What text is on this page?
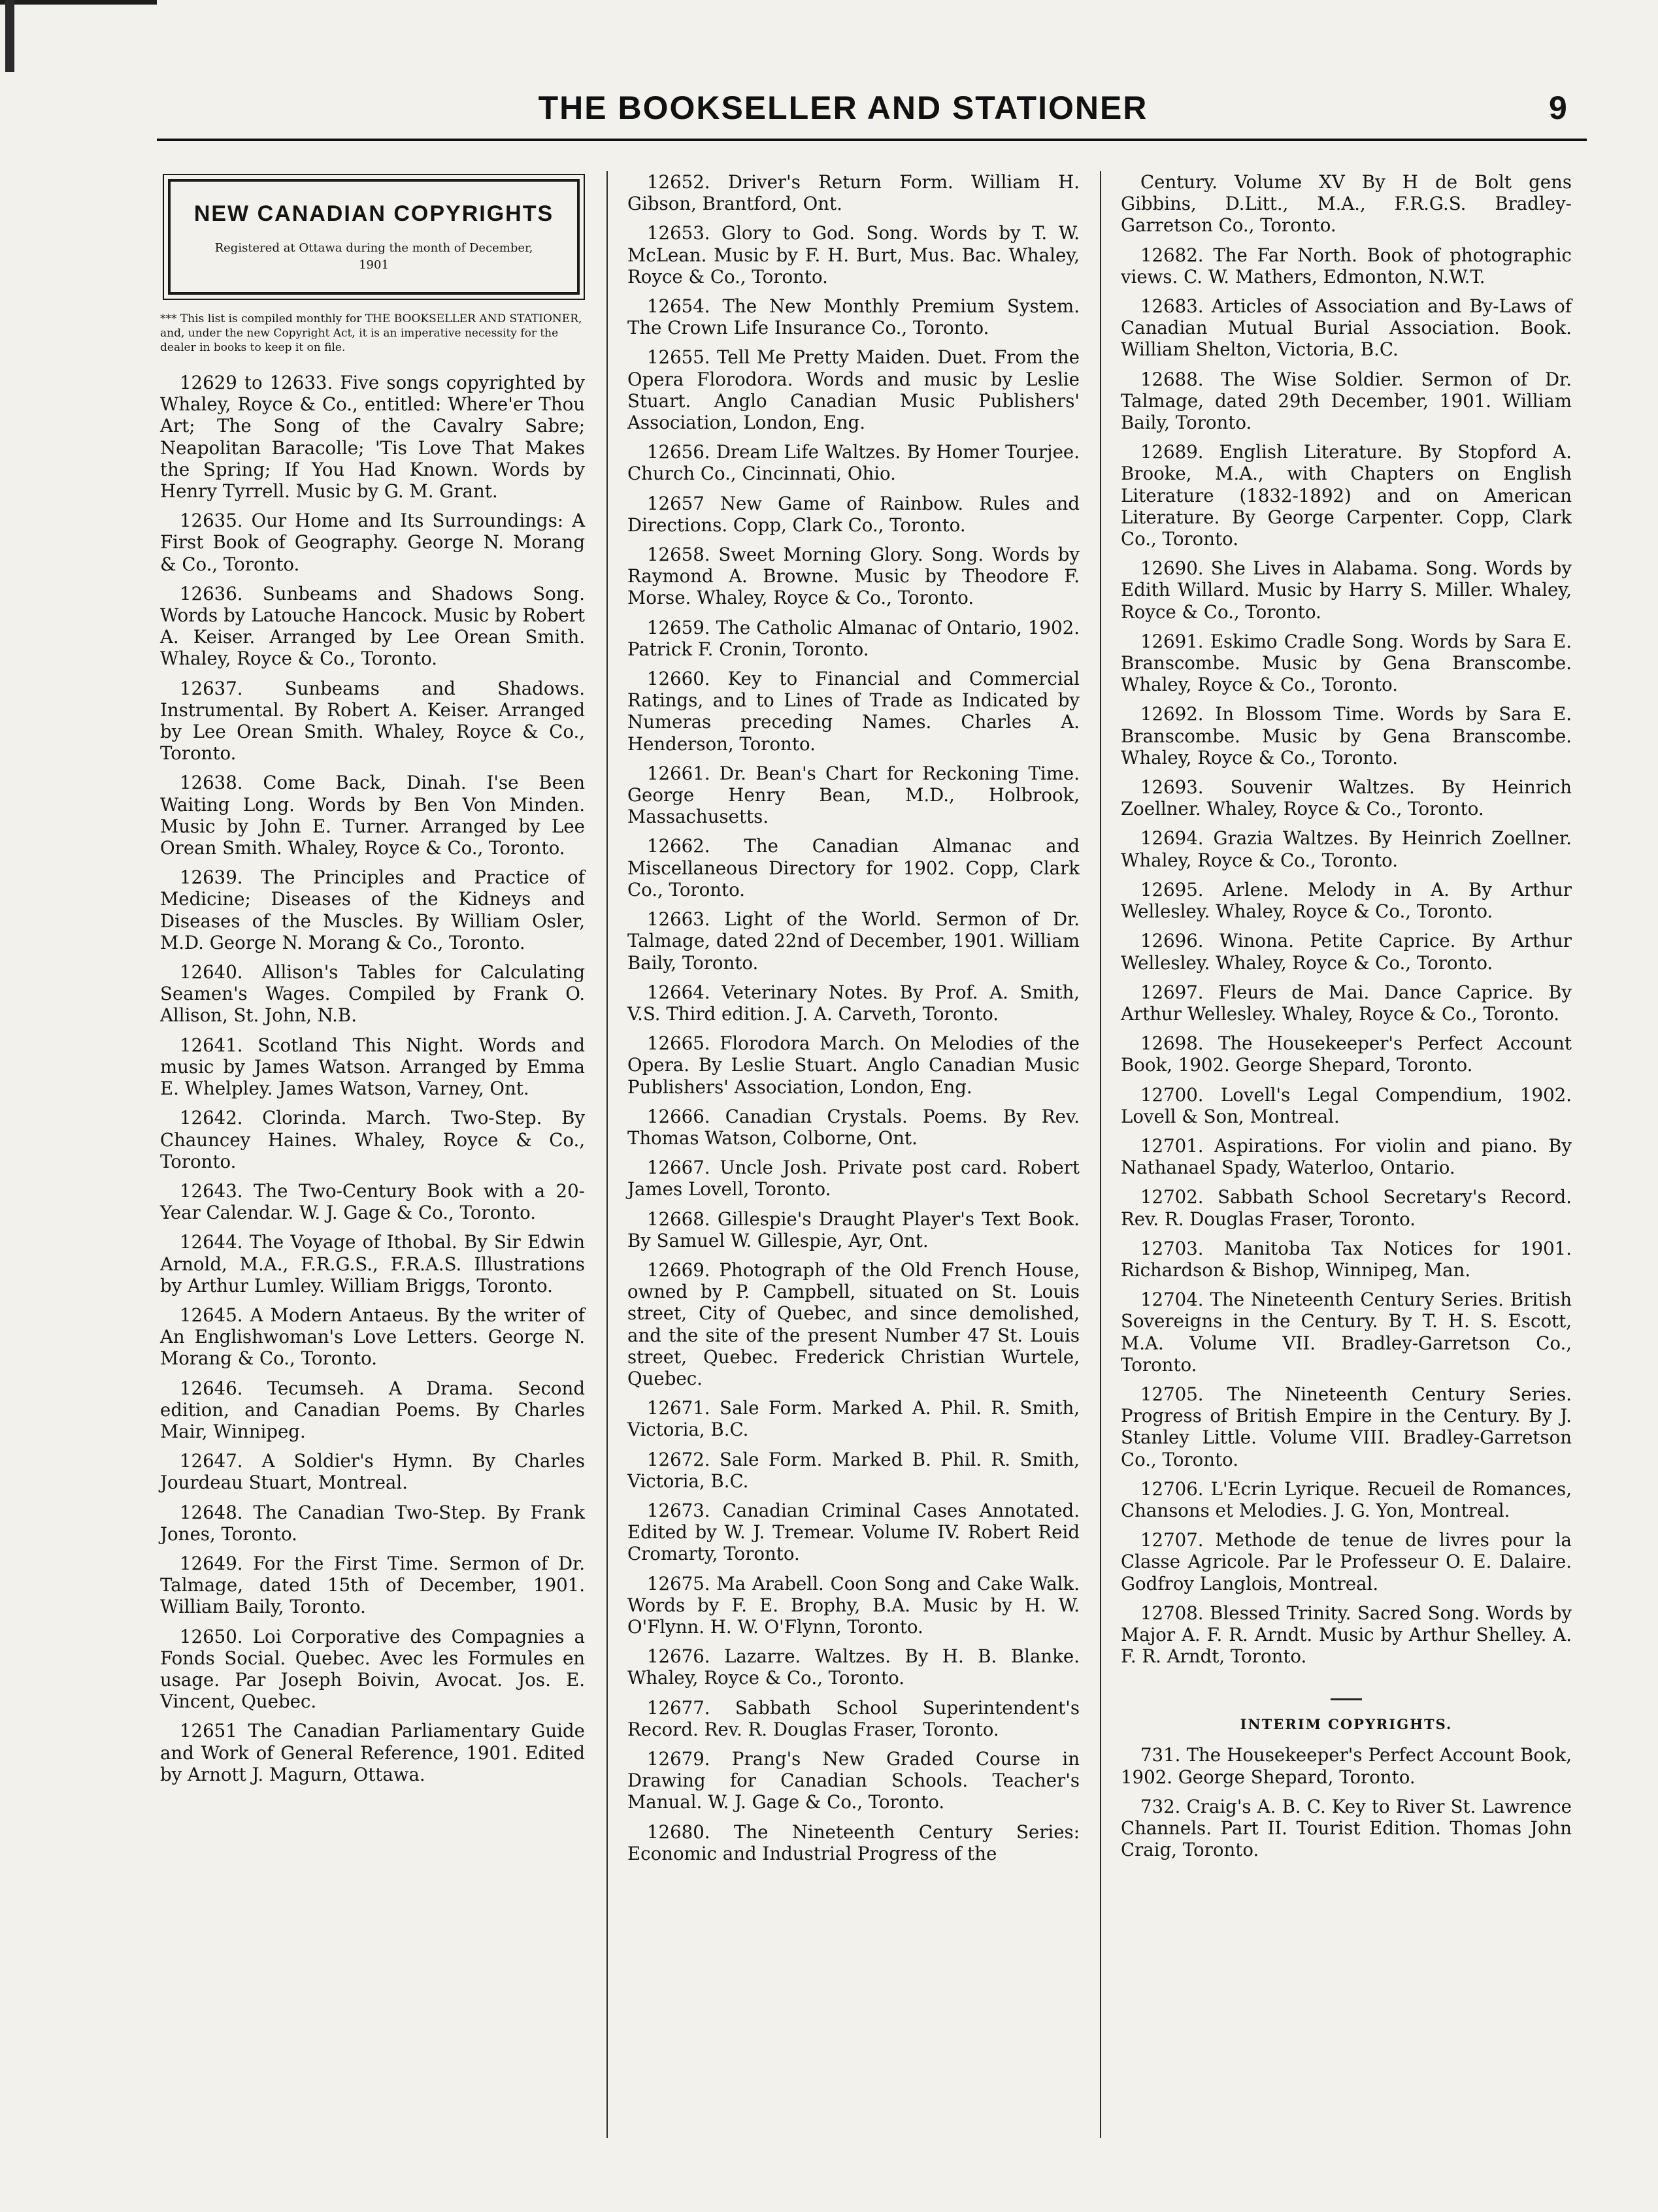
THE BOOKSELLER AND STATIONER	9
NEW CANADIAN COPYRIGHTS
Registered at Ottawa during the month of December, 1901
*** This list is compiled monthly for THE BOOKSELLER AND STATIONER, and, under the new Copyright Act, it is an imperative necessity for the dealer in books to keep it on file.

12629 to 12633. Five songs copyrighted by Whaley, Royce & Co., entitled: Where'er Thou Art; The Song of the Cavalry Sabre; Neapolitan Baracolle; 'Tis Love That Makes the Spring; If You Had Known. Words by Henry Tyrrell. Music by G. M. Grant.

12635. Our Home and Its Surroundings: A First Book of Geography. George N. Morang & Co., Toronto.

12636. Sunbeams and Shadows Song. Words by Latouche Hancock. Music by Robert A. Keiser. Arranged by Lee Orean Smith. Whaley, Royce & Co., Toronto.

12637. Sunbeams and Shadows. Instrumental. By Robert A. Keiser. Arranged by Lee Orean Smith. Whaley, Royce & Co., Toronto.

12638. Come Back, Dinah. I'se Been Waiting Long. Words by Ben Von Minden. Music by John E. Turner. Arranged by Lee Orean Smith. Whaley, Royce & Co., Toronto.

12639. The Principles and Practice of Medicine; Diseases of the Kidneys and Diseases of the Muscles. By William Osler, M.D. George N. Morang & Co., Toronto.

12640. Allison's Tables for Calculating Seamen's Wages. Compiled by Frank O. Allison, St. John, N.B.

12641. Scotland This Night. Words and music by James Watson. Arranged by Emma E. Whelpley. James Watson, Varney, Ont.

12642. Clorinda. March. Two-Step. By Chauncey Haines. Whaley, Royce & Co., Toronto.

12643. The Two-Century Book with a 20-Year Calendar. W. J. Gage & Co., Toronto.

12644. The Voyage of Ithobal. By Sir Edwin Arnold, M.A., F.R.G.S., F.R.A.S. Illustrations by Arthur Lumley. William Briggs, Toronto.

12645. A Modern Antaeus. By the writer of An Englishwoman's Love Letters. George N. Morang & Co., Toronto.

12646. Tecumseh. A Drama. Second edition, and Canadian Poems. By Charles Mair, Winnipeg.

12647. A Soldier's Hymn. By Charles Jourdeau Stuart, Montreal.

12648. The Canadian Two-Step. By Frank Jones, Toronto.

12649. For the First Time. Sermon of Dr. Talmage, dated 15th of December, 1901. William Baily, Toronto.

12650. Loi Corporative des Compagnies a Fonds Social. Quebec. Avec les Formules en usage. Par Joseph Boivin, Avocat. Jos. E. Vincent, Quebec.

12651 The Canadian Parliamentary Guide and Work of General Reference, 1901. Edited by Arnott J. Magurn, Ottawa.

12652. Driver's Return Form. William H. Gibson, Brantford, Ont.

12653. Glory to God. Song. Words by T. W. McLean. Music by F. H. Burt, Mus. Bac. Whaley, Royce & Co., Toronto.

12654. The New Monthly Premium System. The Crown Life Insurance Co., Toronto.

12655. Tell Me Pretty Maiden. Duet. From the Opera Florodora. Words and music by Leslie Stuart. Anglo Canadian Music Publishers' Association, London, Eng.

12656. Dream Life Waltzes. By Homer Tourjee. Church Co., Cincinnati, Ohio.

12657 New Game of Rainbow. Rules and Directions. Copp, Clark Co., Toronto.

12658. Sweet Morning Glory. Song. Words by Raymond A. Browne. Music by Theodore F. Morse. Whaley, Royce & Co., Toronto.

12659. The Catholic Almanac of Ontario, 1902. Patrick F. Cronin, Toronto.

12660. Key to Financial and Commercial Ratings, and to Lines of Trade as Indicated by Numeras preceding Names. Charles A. Henderson, Toronto.

12661. Dr. Bean's Chart for Reckoning Time. George Henry Bean, M.D., Holbrook, Massachusetts.

12662. The Canadian Almanac and Miscellaneous Directory for 1902. Copp, Clark Co., Toronto.

12663. Light of the World. Sermon of Dr. Talmage, dated 22nd of December, 1901. William Baily, Toronto.

12664. Veterinary Notes. By Prof. A. Smith, V.S. Third edition. J. A. Carveth, Toronto.

12665. Florodora March. On Melodies of the Opera. By Leslie Stuart. Anglo Canadian Music Publishers' Association, London, Eng.

12666. Canadian Crystals. Poems. By Rev. Thomas Watson, Colborne, Ont.

12667. Uncle Josh. Private post card. Robert James Lovell, Toronto.

12668. Gillespie's Draught Player's Text Book. By Samuel W. Gillespie, Ayr, Ont.

12669. Photograph of the Old French House, owned by P. Campbell, situated on St. Louis street, City of Quebec, and since demolished, and the site of the present Number 47 St. Louis street, Quebec. Frederick Christian Wurtele, Quebec.

12671. Sale Form. Marked A. Phil. R. Smith, Victoria, B.C.

12672. Sale Form. Marked B. Phil. R. Smith, Victoria, B.C.

12673. Canadian Criminal Cases Annotated. Edited by W. J. Tremear. Volume IV. Robert Reid Cromarty, Toronto.

12675. Ma Arabell. Coon Song and Cake Walk. Words by F. E. Brophy, B.A. Music by H. W. O'Flynn. H. W. O'Flynn, Toronto.

12676. Lazarre. Waltzes. By H. B. Blanke. Whaley, Royce & Co., Toronto.

12677. Sabbath School Superintendent's Record. Rev. R. Douglas Fraser, Toronto.

12679. Prang's New Graded Course in Drawing for Canadian Schools. Teacher's Manual. W. J. Gage & Co., Toronto.

12680. The Nineteenth Century Series: Economic and Industrial Progress of the

Century. Volume XV By H de Bolt gens Gibbins, D.Litt., M.A., F.R.G.S. Bradley-Garretson Co., Toronto.

12682. The Far North. Book of photographic views. C. W. Mathers, Edmonton, N.W.T.

12683. Articles of Association and By-Laws of Canadian Mutual Burial Association. Book. William Shelton, Victoria, B.C.

12688. The Wise Soldier. Sermon of Dr. Talmage, dated 29th December, 1901. William Baily, Toronto.

12689. English Literature. By Stopford A. Brooke, M.A., with Chapters on English Literature (1832-1892) and on American Literature. By George Carpenter. Copp, Clark Co., Toronto.

12690. She Lives in Alabama. Song. Words by Edith Willard. Music by Harry S. Miller. Whaley, Royce & Co., Toronto.

12691. Eskimo Cradle Song. Words by Sara E. Branscombe. Music by Gena Branscombe. Whaley, Royce & Co., Toronto.

12692. In Blossom Time. Words by Sara E. Branscombe. Music by Gena Branscombe. Whaley, Royce & Co., Toronto.

12693. Souvenir Waltzes. By Heinrich Zoellner. Whaley, Royce & Co., Toronto.

12694. Grazia Waltzes. By Heinrich Zoellner. Whaley, Royce & Co., Toronto.

12695. Arlene. Melody in A. By Arthur Wellesley. Whaley, Royce & Co., Toronto.

12696. Winona. Petite Caprice. By Arthur Wellesley. Whaley, Royce & Co., Toronto.

12697. Fleurs de Mai. Dance Caprice. By Arthur Wellesley. Whaley, Royce & Co., Toronto.

12698. The Housekeeper's Perfect Account Book, 1902. George Shepard, Toronto.

12700. Lovell's Legal Compendium, 1902. Lovell & Son, Montreal.

12701. Aspirations. For violin and piano. By Nathanael Spady, Waterloo, Ontario.

12702. Sabbath School Secretary's Record. Rev. R. Douglas Fraser, Toronto.

12703. Manitoba Tax Notices for 1901. Richardson & Bishop, Winnipeg, Man.

12704. The Nineteenth Century Series. British Sovereigns in the Century. By T. H. S. Escott, M.A. Volume VII. Bradley-Garretson Co., Toronto.

12705. The Nineteenth Century Series. Progress of British Empire in the Century. By J. Stanley Little. Volume VIII. Bradley-Garretson Co., Toronto.

12706. L'Ecrin Lyrique. Recueil de Romances, Chansons et Melodies. J. G. Yon, Montreal.

12707. Methode de tenue de livres pour la Classe Agricole. Par le Professeur O. E. Dalaire. Godfroy Langlois, Montreal.

12708. Blessed Trinity. Sacred Song. Words by Major A. F. R. Arndt. Music by Arthur Shelley. A. F. R. Arndt, Toronto.

INTERIM COPYRIGHTS.

731. The Housekeeper's Perfect Account Book, 1902. George Shepard, Toronto.

732. Craig's A. B. C. Key to River St. Lawrence Channels. Part II. Tourist Edition. Thomas John Craig, Toronto.
